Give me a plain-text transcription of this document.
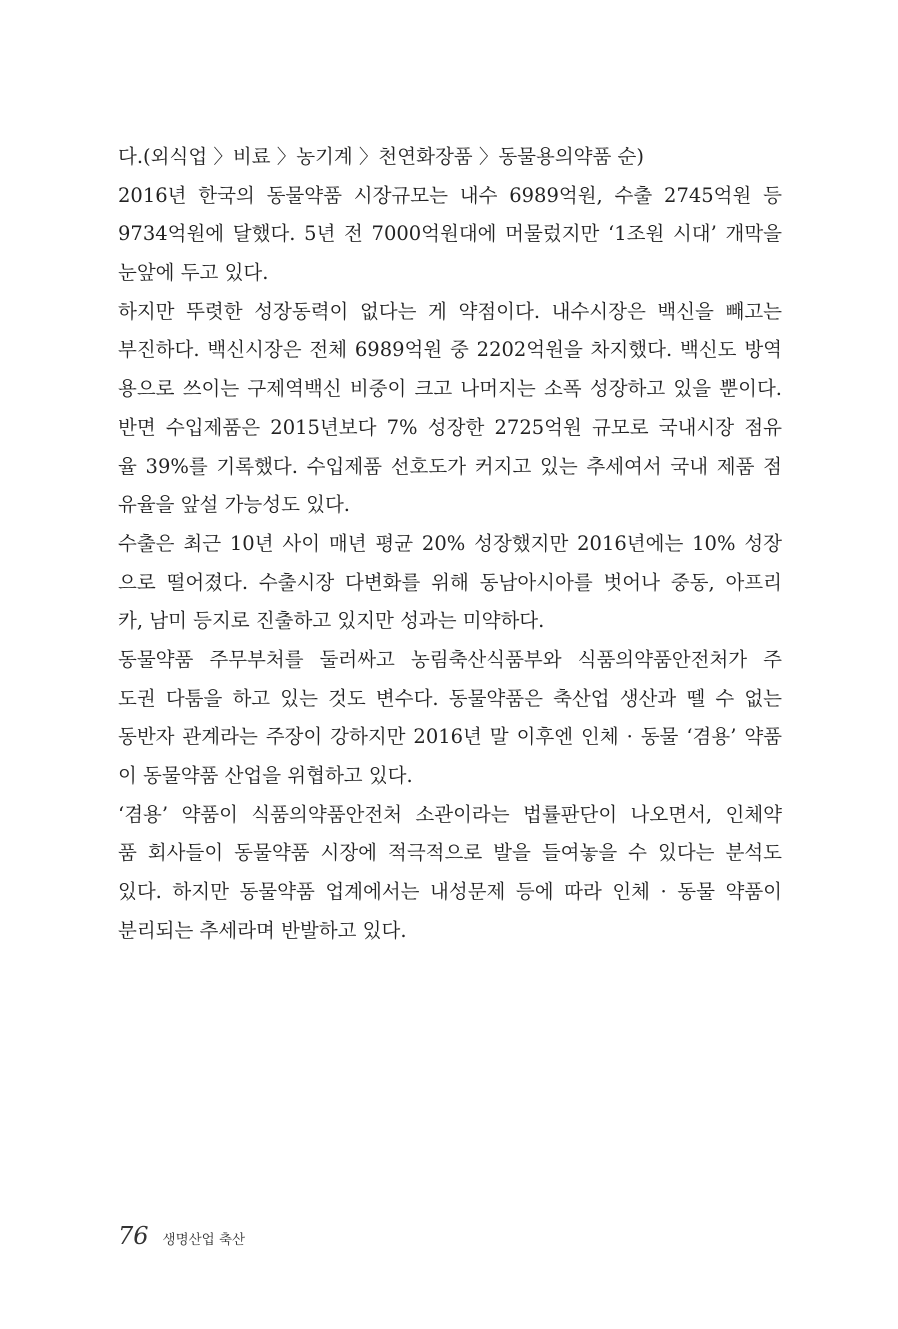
다.(외식업 〉비료 〉농기계 〉천연화장품 〉동물용의약품 순)
2016년 한국의 동물약품 시장규모는 내수 6989억원, 수출 2745억원 등
9734억원에 달했다. 5년 전 7000억원대에 머물렀지만 ‘1조원 시대’ 개막을
눈앞에 두고 있다.
하지만 뚜렷한 성장동력이 없다는 게 약점이다. 내수시장은 백신을 빼고는
부진하다. 백신시장은 전체 6989억원 중 2202억원을 차지했다. 백신도 방역
용으로 쓰이는 구제역백신 비중이 크고 나머지는 소폭 성장하고 있을 뿐이다.
반면 수입제품은 2015년보다 7% 성장한 2725억원 규모로 국내시장 점유
율 39%를 기록했다. 수입제품 선호도가 커지고 있는 추세여서 국내 제품 점
유율을 앞설 가능성도 있다.
수출은 최근 10년 사이 매년 평균 20% 성장했지만 2016년에는 10% 성장
으로 떨어졌다. 수출시장 다변화를 위해 동남아시아를 벗어나 중동, 아프리
카, 남미 등지로 진출하고 있지만 성과는 미약하다.
동물약품 주무부처를 둘러싸고 농림축산식품부와 식품의약품안전처가 주
도권 다툼을 하고 있는 것도 변수다. 동물약품은 축산업 생산과 뗄 수 없는
동반자 관계라는 주장이 강하지만 2016년 말 이후엔 인체 · 동물 ‘겸용’ 약품
이 동물약품 산업을 위협하고 있다.
‘겸용’ 약품이 식품의약품안전처 소관이라는 법률판단이 나오면서, 인체약
품 회사들이 동물약품 시장에 적극적으로 발을 들여놓을 수 있다는 분석도
있다. 하지만 동물약품 업계에서는 내성문제 등에 따라 인체 · 동물 약품이
분리되는 추세라며 반발하고 있다.
76 생명산업 축산
